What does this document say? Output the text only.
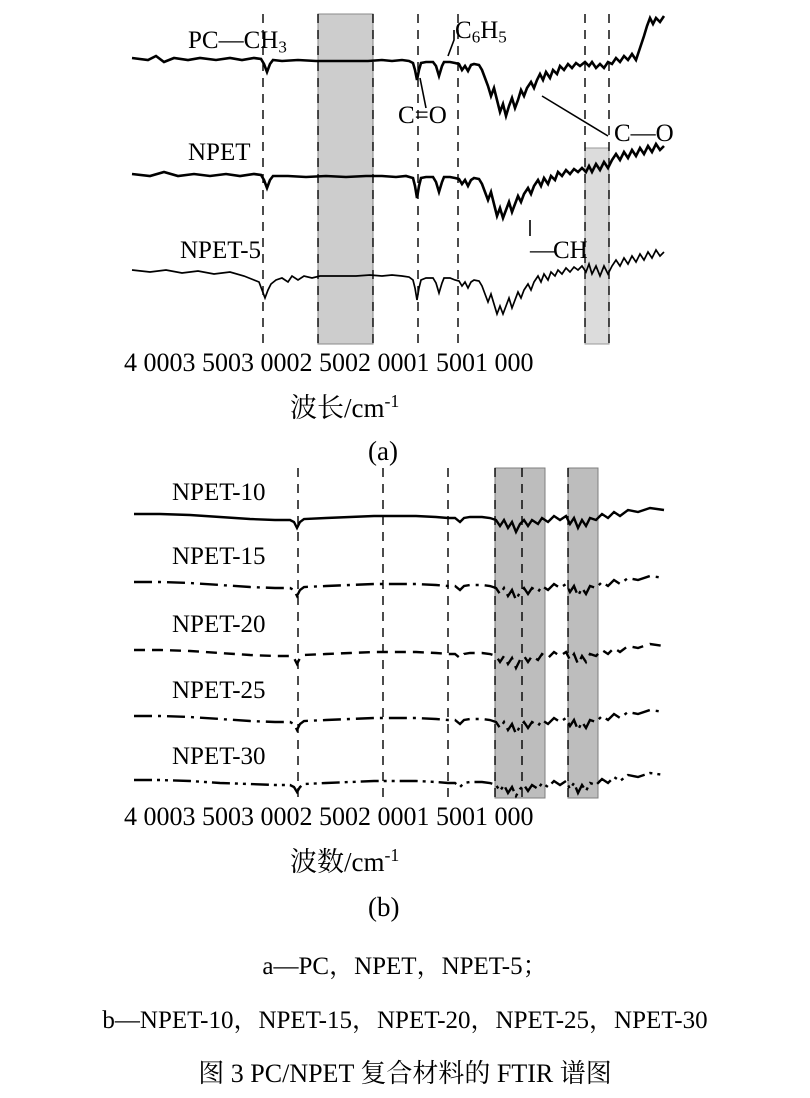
$PC—CH_3$
NPET
NPET-5
$C_6H_5$
C=O
C—O
—CH
4 0003 5003 0002 5002 0001 5001 000
波长$/cm^{-1}$
(a)
NPET-10
NPET-15
NPET-20
NPET-25
NPET-30
4 0003 5003 0002 5002 0001 5001 000
波数$/cm^{-1}$
(b)
a—PC，NPET，NPET-5；
b—NPET-10，NPET-15，NPET-20，NPET-25，NPET-30
图 3 PC/NPET 复合材料的 FTIR 谱图
